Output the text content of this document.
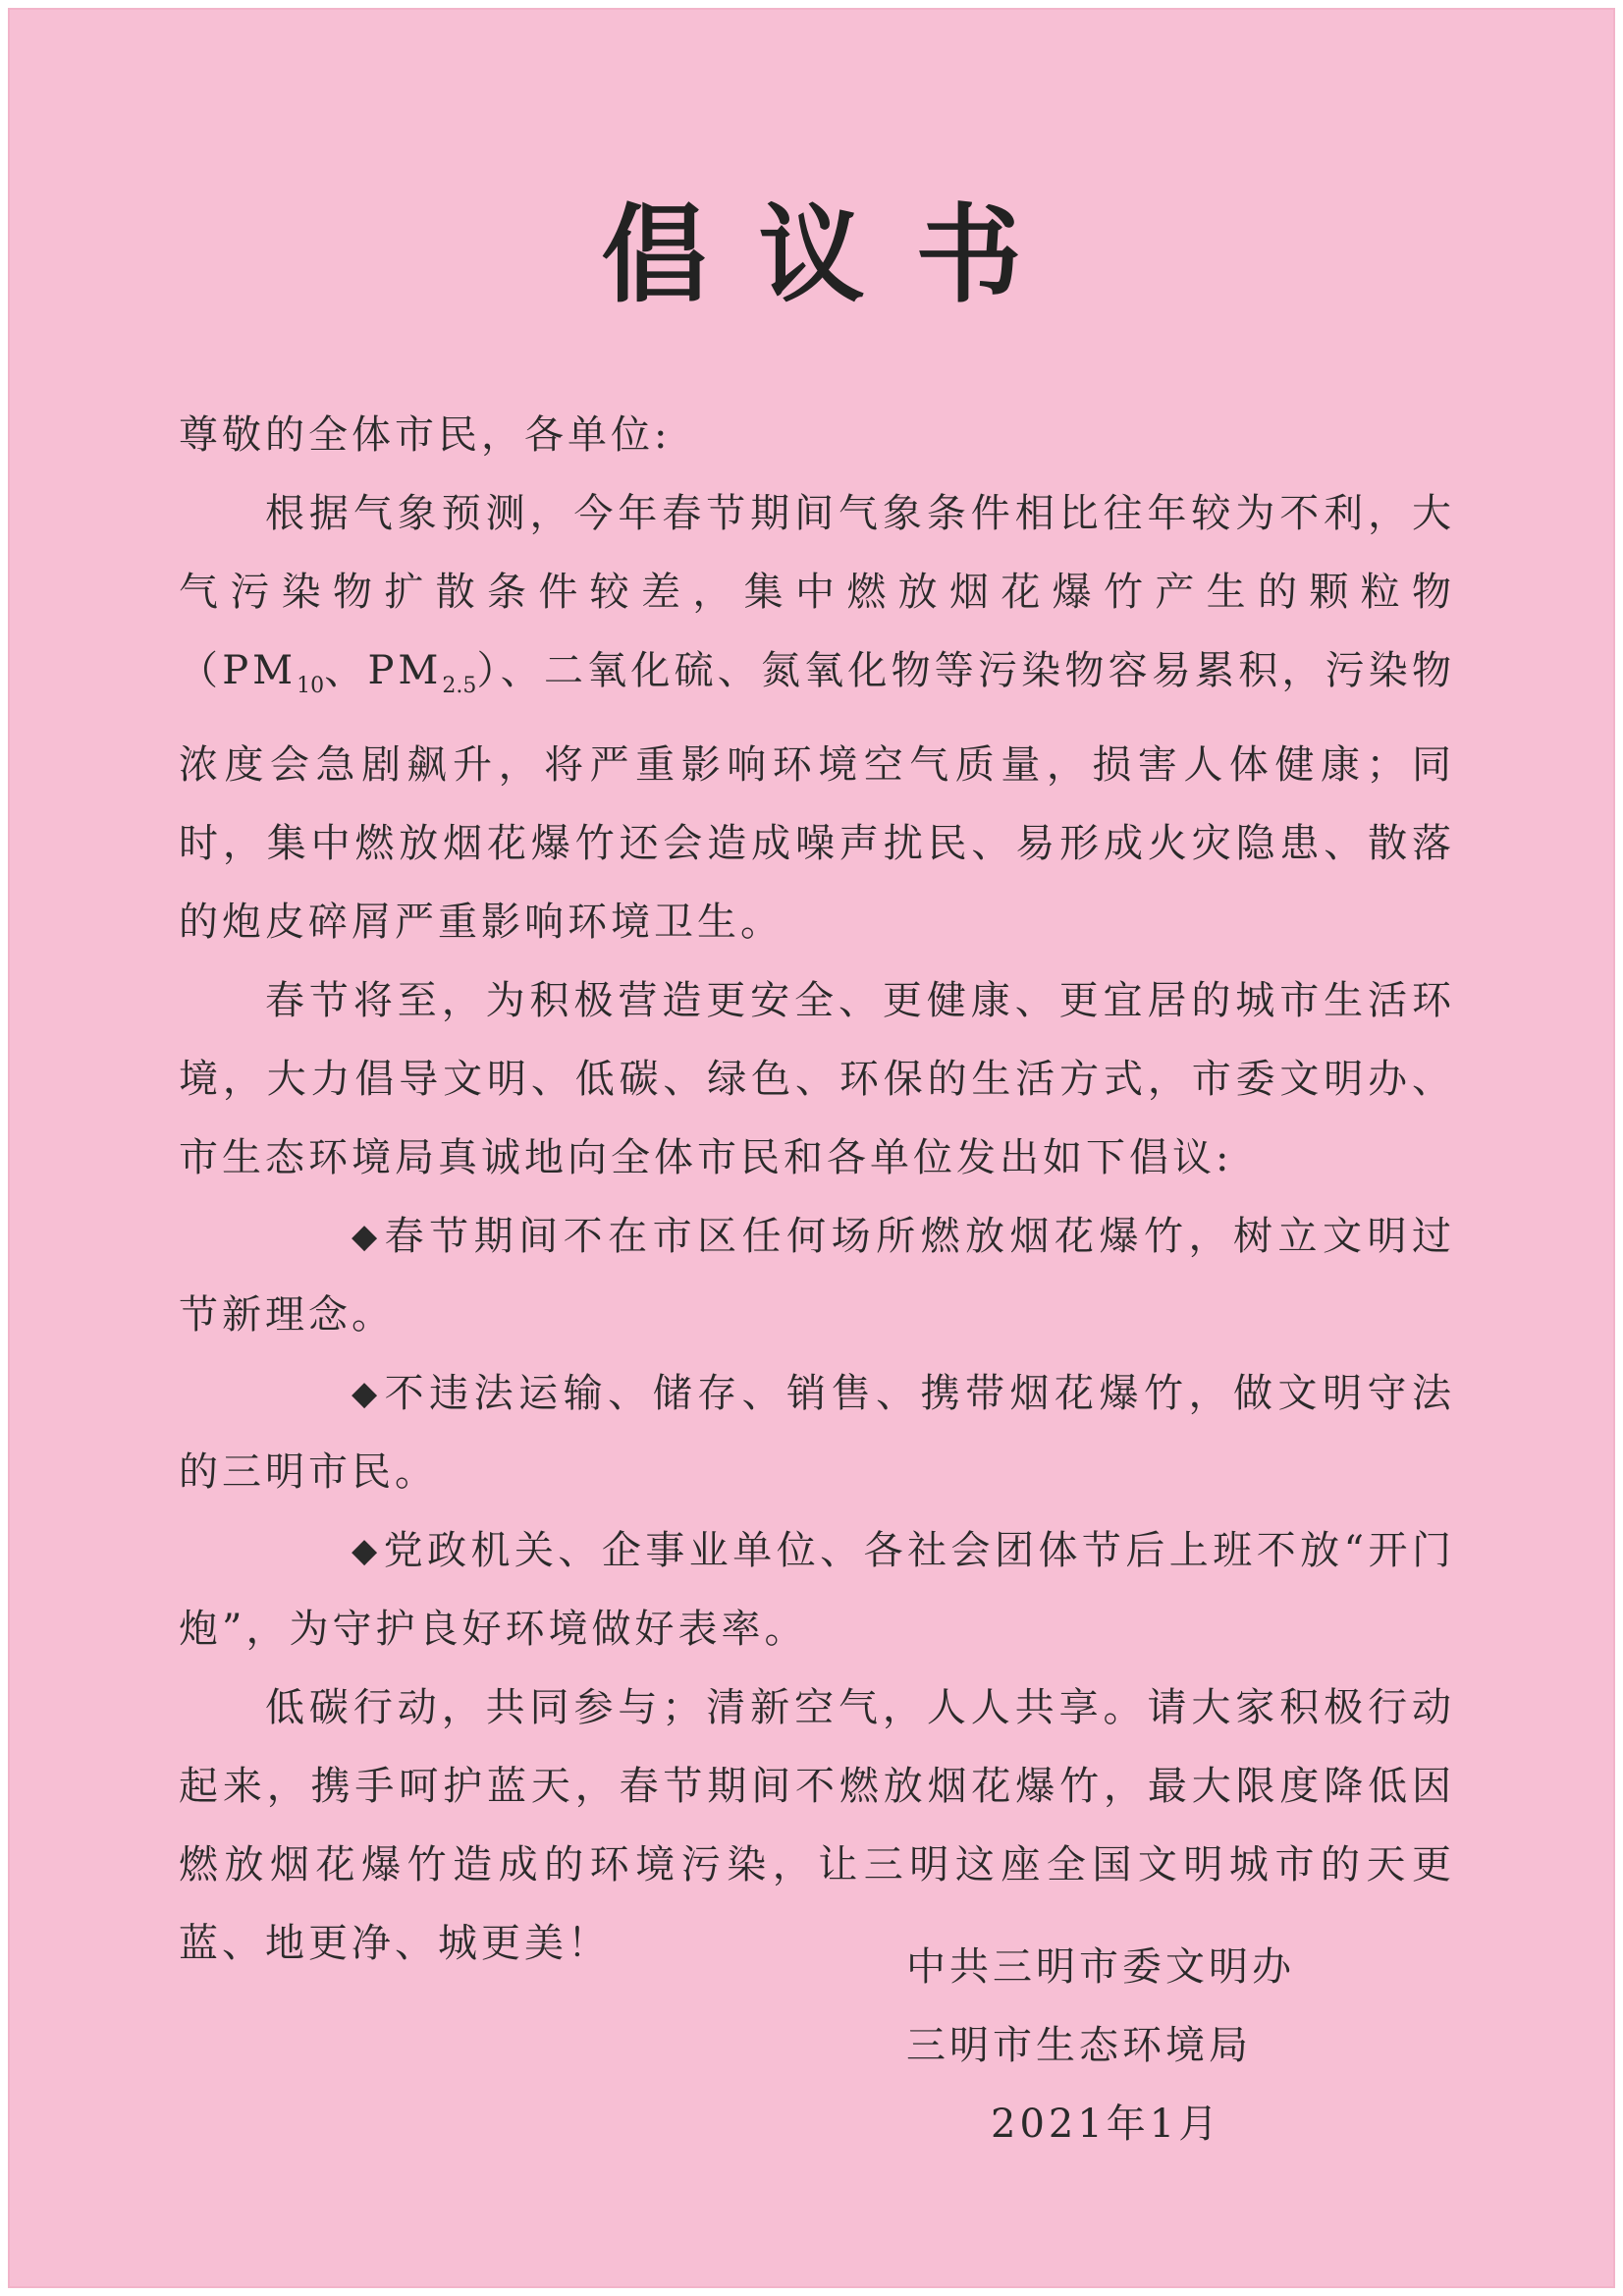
倡议书

尊敬的全体市民，各单位:

根据气象预测，今年春节期间气象条件相比往年较为不利，大气污染物扩散条件较差，集中燃放烟花爆竹产生的颗粒物 （$PM_{10}$、$PM_{2.5}$）、二氧化硫、氮氧化物等污染物容易累积，污染物浓度会急剧飙升，将严重影响环境空气质量，损害人体健康；同时，集中燃放烟花爆竹还会造成噪声扰民、易形成火灾隐患、散落的炮皮碎屑严重影响环境卫生。

春节将至，为积极营造更安全、更健康、更宜居的城市生活环境，大力倡导文明、低碳、绿色、环保的生活方式，市委文明办、市生态环境局真诚地向全体市民和各单位发出如下倡议:

◆春节期间不在市区任何场所燃放烟花爆竹，树立文明过节新理念。

◆不违法运输、储存、销售、携带烟花爆竹，做文明守法的三明市民。

◆党政机关、企事业单位、各社会团体节后上班不放“开门炮”，为守护良好环境做好表率。

低碳行动，共同参与；清新空气，人人共享。请大家积极行动起来，携手呵护蓝天，春节期间不燃放烟花爆竹，最大限度降低因燃放烟花爆竹造成的环境污染，让三明这座全国文明城市的天更蓝、地更净、城更美！

中共三明市委文明办
三明市生态环境局
2021年1月
